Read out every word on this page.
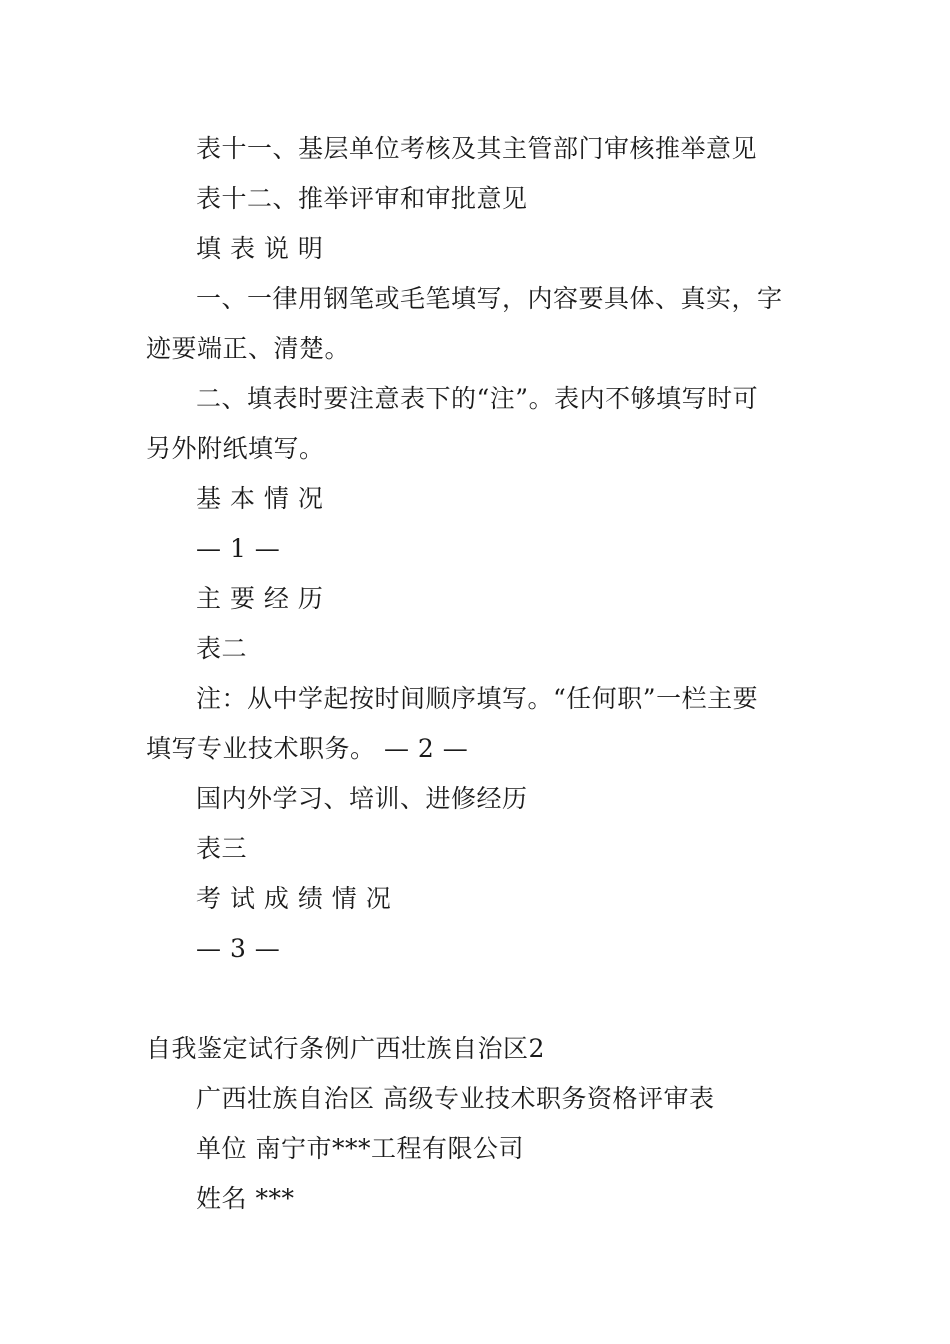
表十一、基层单位考核及其主管部门审核推举意见
表十二、推举评审和审批意见
填 表 说 明
一、一律用钢笔或毛笔填写，内容要具体、真实，字
迹要端正、清楚。
二、填表时要注意表下的“注”。表内不够填写时可
另外附纸填写。
基 本 情 况
— 1 —
主 要 经 历
表二
注：从中学起按时间顺序填写。“任何职”一栏主要
填写专业技术职务。 — 2 —
国内外学习、培训、进修经历
表三
考 试 成 绩 情 况
— 3 —
自我鉴定试行条例广西壮族自治区2
广西壮族自治区 高级专业技术职务资格评审表
单位 南宁市***工程有限公司
姓名 ***
